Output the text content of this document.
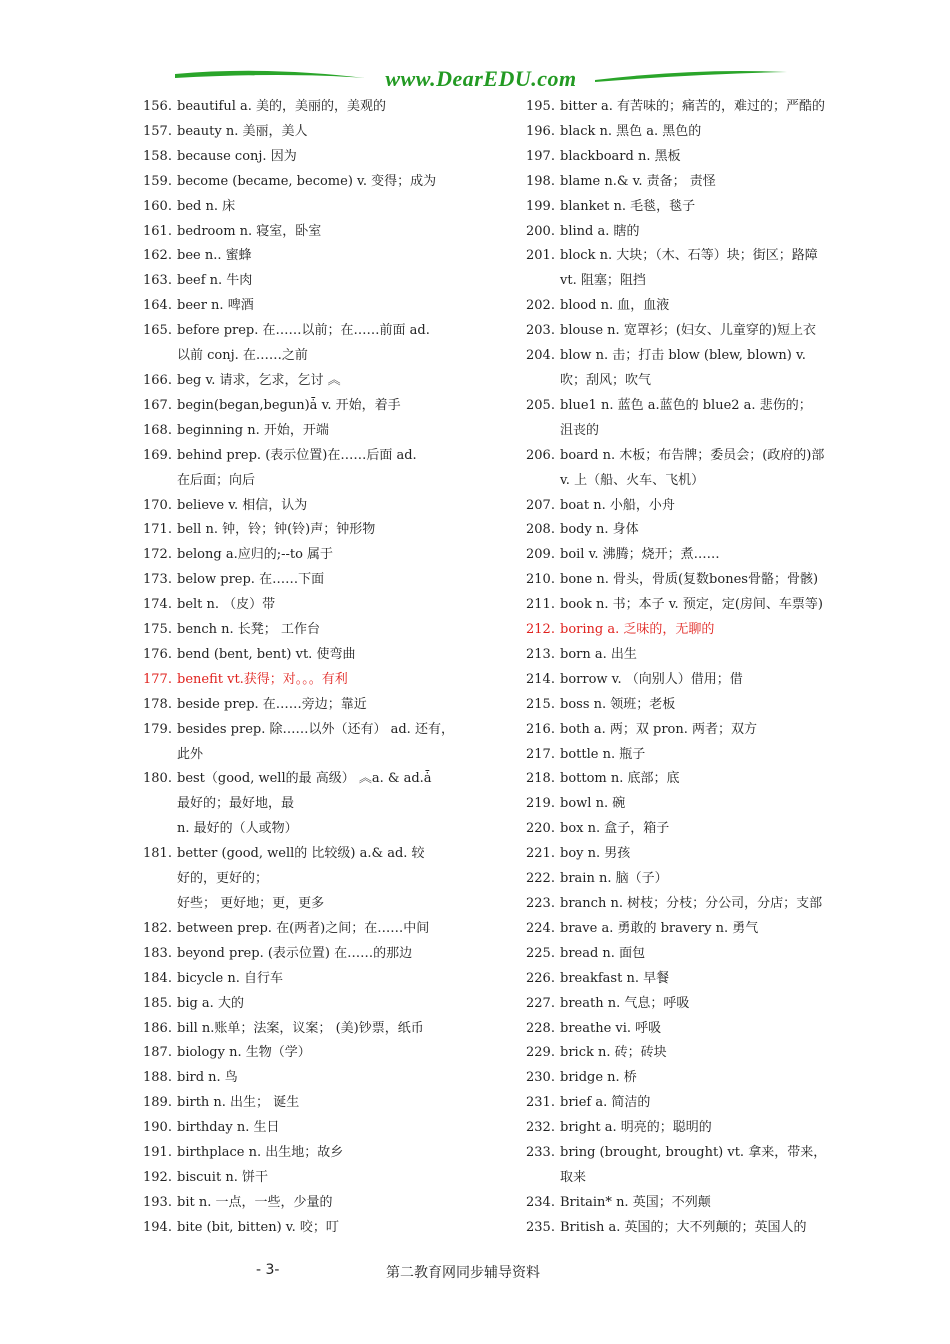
www.DearEDU.com
156. beautiful a. 美的，美丽的，美观的
157. beauty n. 美丽，美人
158. because conj. 因为
159. become (became, become) v. 变得；成为
160. bed n. 床
161. bedroom n. 寝室，卧室
162. bee n.. 蜜蜂
163. beef n. 牛肉
164. beer n. 啤酒
165. before prep. 在……以前；在……前面 ad.
以前 conj. 在……之前
166. beg v. 请求，乞求，乞讨 ︽
167. begin(began,begun)ǡ v. 开始，着手
168. beginning n. 开始，开端
169. behind prep. (表示位置)在……后面 ad.
在后面；向后
170. believe v. 相信，认为
171. bell n. 钟，铃；钟(铃)声；钟形物
172. belong a.应归的;--to 属于
173. below prep. 在……下面
174. belt n. （皮）带
175. bench n. 长凳； 工作台
176. bend (bent, bent) vt. 使弯曲
177. benefit vt.获得；对。。。有利
178. beside prep. 在……旁边；靠近
179. besides prep. 除……以外（还有） ad. 还有，
此外
180. best（good, well的最 高级） ︽a. & ad.ǡ
最好的；最好地，最
n. 最好的（人或物）
181. better (good, well的 比较级) a.& ad. 较
好的，更好的；
好些； 更好地；更，更多
182. between prep. 在(两者)之间；在……中间
183. beyond prep. (表示位置) 在……的那边
184. bicycle n. 自行车
185. big a. 大的
186. bill n.账单；法案，议案； (美)钞票，纸币
187. biology n. 生物（学）
188. bird n. 鸟
189. birth n. 出生； 诞生
190. birthday n. 生日
191. birthplace n. 出生地；故乡
192. biscuit n. 饼干
193. bit n. 一点，一些，少量的
194. bite (bit, bitten) v. 咬；叮
195. bitter a. 有苦味的；痛苦的，难过的；严酷的
196. black n. 黑色 a. 黑色的
197. blackboard n. 黑板
198. blame n.& v. 责备； 责怪
199. blanket n. 毛毯，毯子
200. blind a. 瞎的
201. block n. 大块；（木、石等）块；街区；路障
vt. 阻塞；阻挡
202. blood n. 血，血液
203. blouse n. 宽罩衫；(妇女、儿童穿的)短上衣
204. blow n. 击；打击 blow (blew, blown) v.
吹；刮风；吹气
205. blue1 n. 蓝色 a.蓝色的 blue2 a. 悲伤的；
沮丧的
206. board n. 木板；布告牌；委员会；(政府的)部
v. 上（船、火车、飞机）
207. boat n. 小船，小舟
208. body n. 身体
209. boil v. 沸腾；烧开；煮……
210. bone n. 骨头，骨质(复数bones骨骼；骨骸)
211. book n. 书；本子 v. 预定，定(房间、车票等)
212. boring a. 乏味的，无聊的
213. born a. 出生
214. borrow v. （向别人）借用；借
215. boss n. 领班；老板
216. both a. 两；双 pron. 两者；双方
217. bottle n. 瓶子
218. bottom n. 底部；底
219. bowl n. 碗
220. box n. 盒子，箱子
221. boy n. 男孩
222. brain n. 脑（子）
223. branch n. 树枝；分枝；分公司，分店；支部
224. brave a. 勇敢的 bravery n. 勇气
225. bread n. 面包
226. breakfast n. 早餐
227. breath n. 气息；呼吸
228. breathe vi. 呼吸
229. brick n. 砖；砖块
230. bridge n. 桥
231. brief a. 简洁的
232. bright a. 明亮的；聪明的
233. bring (brought, brought) vt. 拿来，带来，
取来
234. Britain* n. 英国；不列颠
235. British a. 英国的；大不列颠的；英国人的
- 3-	第二教育网同步辅导资料
